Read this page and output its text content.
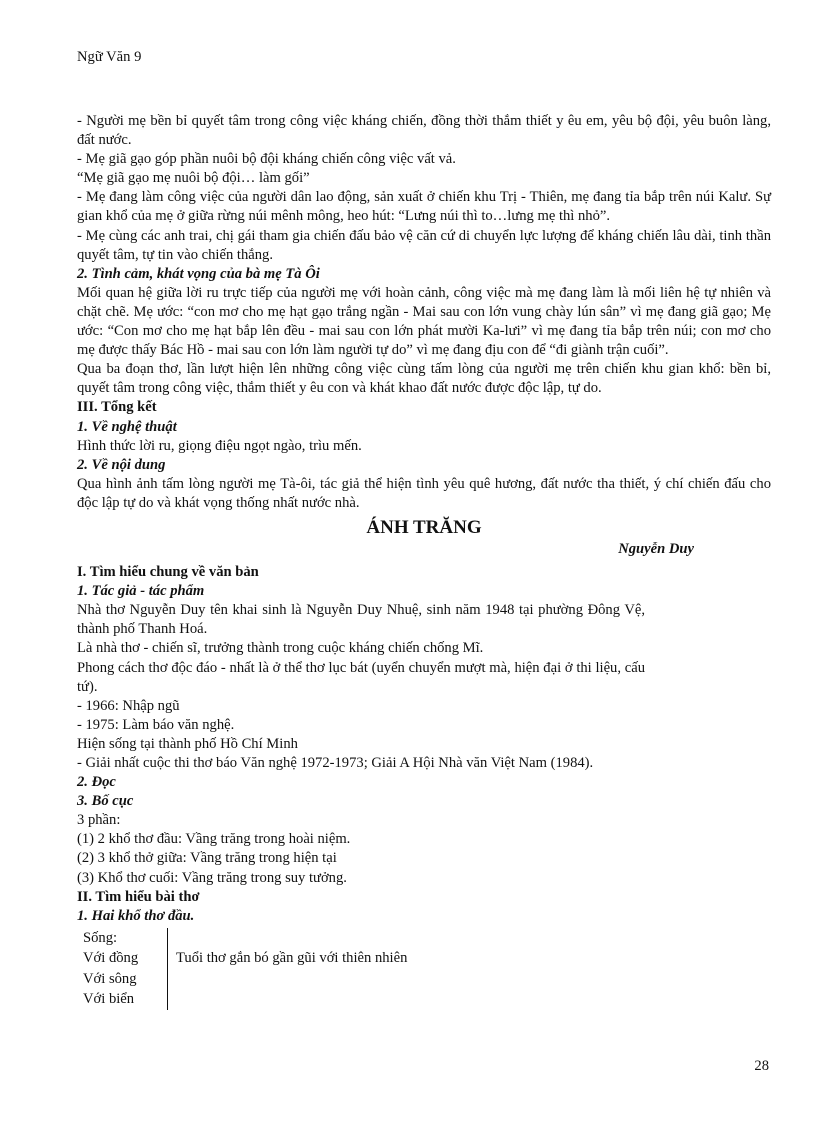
Ngữ Văn 9

- Người mẹ bền bỉ quyết tâm trong công việc kháng chiến, đồng thời thắm thiết y êu em, yêu bộ đội, yêu buôn làng, đất nước.

- Mẹ giã gạo góp phần nuôi bộ đội kháng chiến công việc vất vả.

“Mẹ giã gạo mẹ nuôi bộ đội… làm gối”

- Mẹ đang làm công việc của người dân lao động, sản xuất ở chiến khu Trị - Thiên, mẹ đang tỉa bắp trên núi Kalư. Sự gian khổ của mẹ ở giữa rừng núi mênh mông, heo hút: “Lưng núi thì to…lưng mẹ thì nhỏ”.

- Mẹ cùng các anh trai, chị gái tham gia chiến đấu bảo vệ căn cứ di chuyển lực lượng để kháng chiến lâu dài, tinh thần quyết tâm, tự tin vào chiến thắng.

2. Tình cảm, khát vọng của bà mẹ Tà Ôi

Mối quan hệ giữa lời ru trực tiếp của người mẹ với hoàn cảnh, công việc mà mẹ đang làm là mối liên hệ tự nhiên và chặt chẽ. Mẹ ước: “con mơ cho mẹ hạt gạo trắng ngần - Mai sau con lớn vung chày lún sân” vì mẹ đang giã gạo; Mẹ ước: “Con mơ cho mẹ hạt bắp lên đều - mai sau con lớn phát mười Ka-lưi” vì mẹ đang tỉa bắp trên núi; con mơ cho mẹ được thấy Bác Hồ - mai sau con lớn làm người tự do” vì mẹ đang địu con để “đi giành trận cuối”.

Qua ba đoạn thơ, lần lượt hiện lên những công việc cùng tấm lòng của người mẹ trên chiến khu gian khổ: bền bỉ, quyết tâm trong công việc, thắm thiết y êu con và khát khao đất nước được độc lập, tự do.

III. Tổng kết

1. Về nghệ thuật

Hình thức lời ru, giọng điệu ngọt ngào, trìu mến.

2. Về nội dung

Qua hình ảnh tấm lòng người mẹ Tà-ôi, tác giả thể hiện tình yêu quê hương, đất nước tha thiết, ý chí chiến đấu cho độc lập tự do và khát vọng thống nhất nước nhà.

ÁNH TRĂNG
Nguyễn Duy

I. Tìm hiểu chung về văn bản

1. Tác giả - tác phẩm

Nhà thơ Nguyễn Duy tên khai sinh là Nguyễn Duy Nhuệ, sinh năm 1948 tại phường Đông Vệ, thành phố Thanh Hoá.

Là nhà thơ - chiến sĩ, trưởng thành trong cuộc kháng chiến chống Mĩ.

Phong cách thơ độc đáo - nhất là ở thể thơ lục bát (uyển chuyển mượt mà, hiện đại ở thi liệu, cấu tứ).

- 1966: Nhập ngũ

- 1975: Làm báo văn nghệ.

Hiện sống tại thành phố Hồ Chí Minh

- Giải nhất cuộc thi thơ báo Văn nghệ 1972-1973; Giải A Hội Nhà văn Việt Nam (1984).

2. Đọc

3. Bố cục

3 phần:

(1) 2 khổ thơ đầu: Vầng trăng trong hoài niệm.

(2) 3 khổ thở giữa: Vầng trăng trong hiện tại

(3) Khổ thơ cuối: Vầng trăng trong suy tưởng.

II. Tìm hiểu bài thơ

1. Hai khổ thơ đầu.

Sống:
Với đồng
Với sông
Với biển
Tuổi thơ gắn bó gần gũi với thiên nhiên
28
